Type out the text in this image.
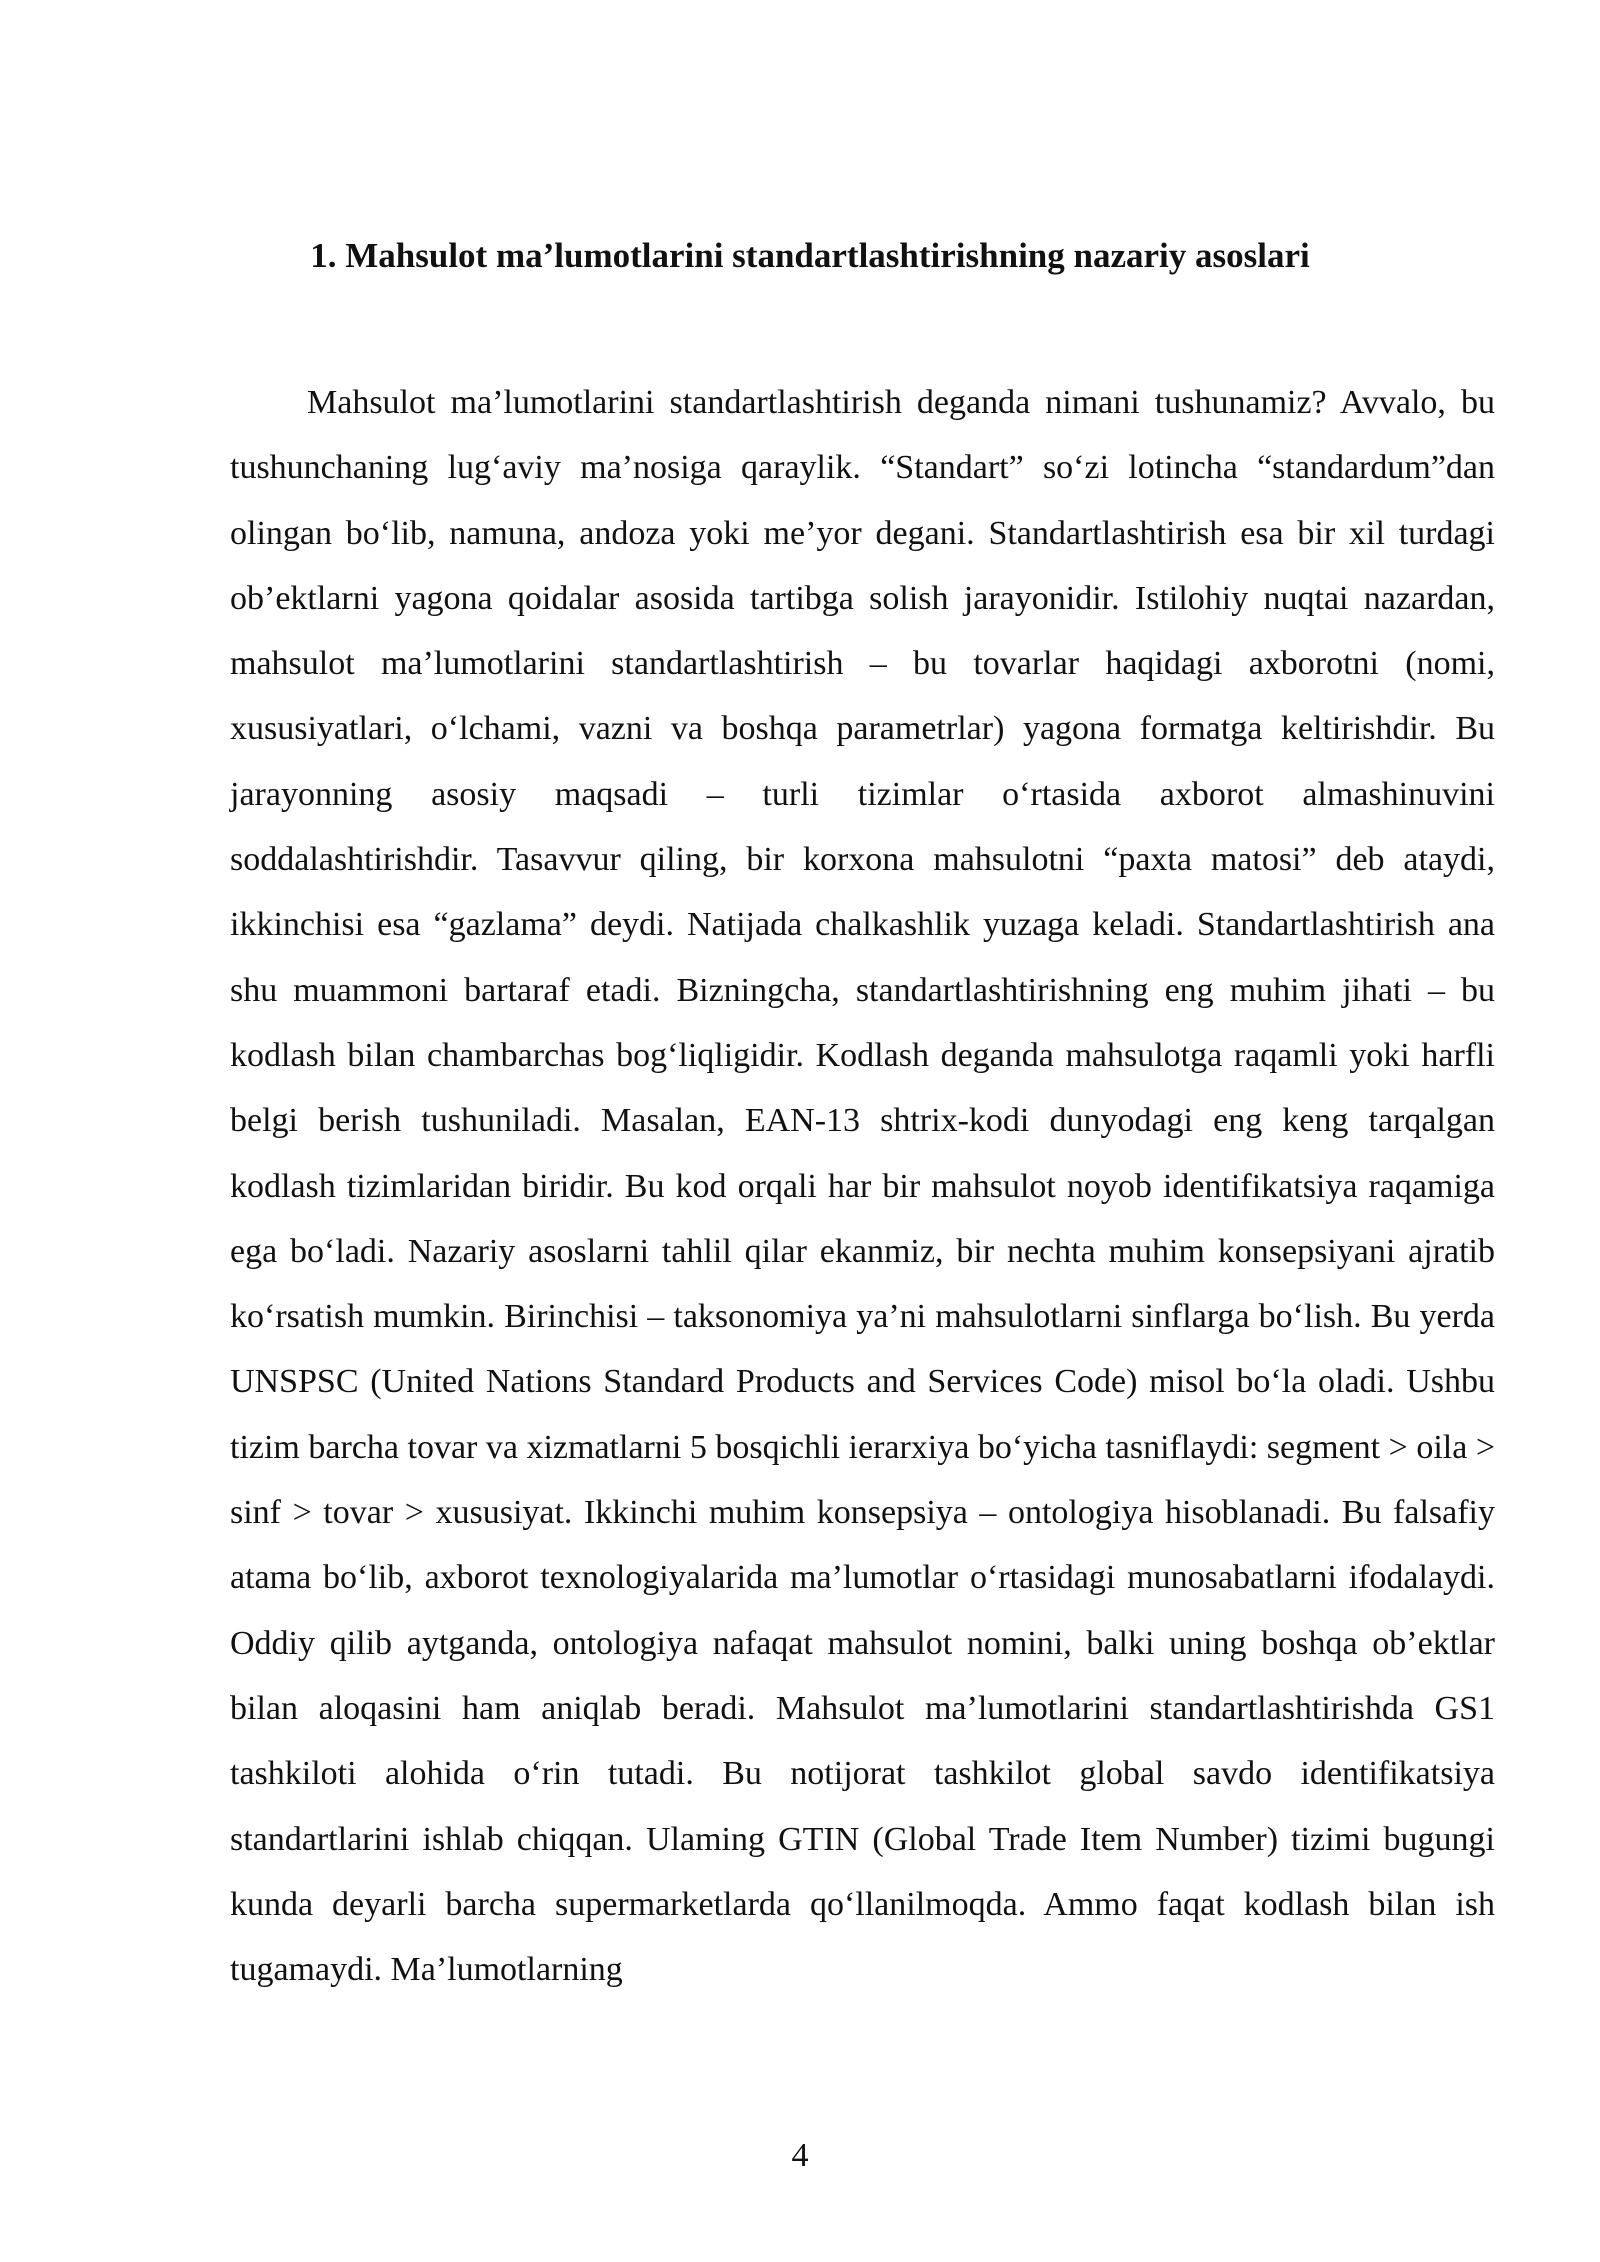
1. Mahsulot ma’lumotlarini standartlashtirishning nazariy asoslari

Mahsulot ma’lumotlarini standartlashtirish deganda nimani tushunamiz? Avvalo, bu tushunchaning lug‘aviy ma’nosiga qaraylik. “Standart” so‘zi lotincha “standardum”dan olingan bo‘lib, namuna, andoza yoki me’yor degani. Standartlashtirish esa bir xil turdagi ob’ektlarni yagona qoidalar asosida tartibga solish jarayonidir. Istilohiy nuqtai nazardan, mahsulot ma’lumotlarini standartlashtirish – bu tovarlar haqidagi axborotni (nomi, xususiyatlari, o‘lchami, vazni va boshqa parametrlar) yagona formatga keltirishdir. Bu jarayonning asosiy maqsadi – turli tizimlar o‘rtasida axborot almashinuvini soddalashtirishdir. Tasavvur qiling, bir korxona mahsulotni “paxta matosi” deb ataydi, ikkinchisi esa “gazlama” deydi. Natijada chalkashlik yuzaga keladi. Standartlashtirish ana shu muammoni bartaraf etadi. Bizningcha, standartlashtirishning eng muhim jihati – bu kodlash bilan chambarchas bog‘liqligidir. Kodlash deganda mahsulotga raqamli yoki harfli belgi berish tushuniladi. Masalan, EAN-13 shtrix-kodi dunyodagi eng keng tarqalgan kodlash tizimlaridan biridir. Bu kod orqali har bir mahsulot noyob identifikatsiya raqamiga ega bo‘ladi. Nazariy asoslarni tahlil qilar ekanmiz, bir nechta muhim konsepsiyani ajratib ko‘rsatish mumkin. Birinchisi – taksonomiya ya’ni mahsulotlarni sinflarga bo‘lish. Bu yerda UNSPSC (United Nations Standard Products and Services Code) misol bo‘la oladi. Ushbu tizim barcha tovar va xizmatlarni 5 bosqichli ierarxiya bo‘yicha tasniflaydi: segment > oila > sinf > tovar > xususiyat. Ikkinchi muhim konsepsiya – ontologiya hisoblanadi. Bu falsafiy atama bo‘lib, axborot texnologiyalarida ma’lumotlar o‘rtasidagi munosabatlarni ifodalaydi. Oddiy qilib aytganda, ontologiya nafaqat mahsulot nomini, balki uning boshqa ob’ektlar bilan aloqasini ham aniqlab beradi. Mahsulot ma’lumotlarini standartlashtirishda GS1 tashkiloti alohida o‘rin tutadi. Bu notijorat tashkilot global savdo identifikatsiya standartlarini ishlab chiqqan. Ulaming GTIN (Global Trade Item Number) tizimi bugungi kunda deyarli barcha supermarketlarda qo‘llanilmoqda. Ammo faqat kodlash bilan ish tugamaydi. Ma’lumotlarning

4
